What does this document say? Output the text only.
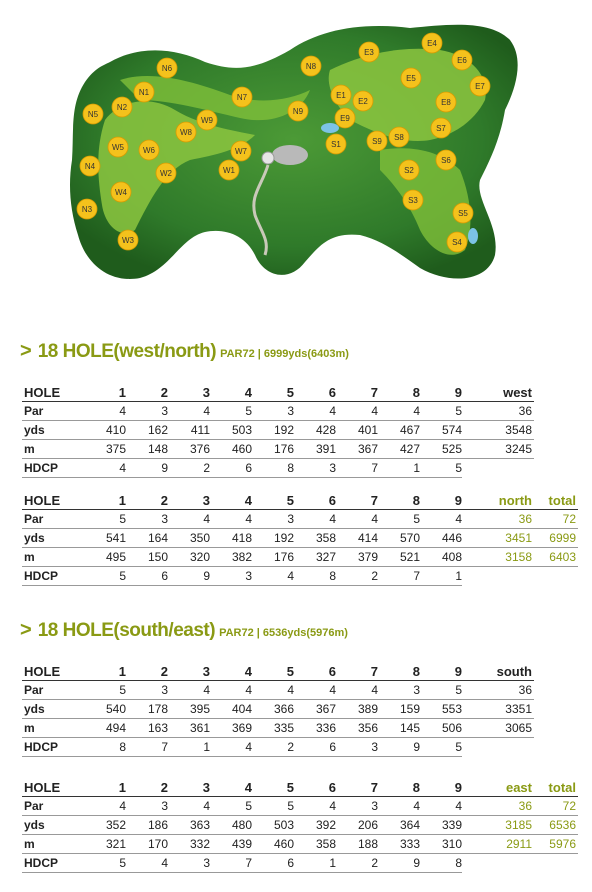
N6
N1
N2
N5
W5 W6
N4
W2
W4
N3
W3
W8
W9
N7
W7
W1
N8
N9
E3
E1
E2
E9
S1	S9 S8
E4
E6
E5
E7
E8
S7
S6
S2
S3
S5
S4
> 18 HOLE(west/north) PAR72 | 6999yds(6403m)
HOLE	1	2	3	4	5	6	7	8	9	west
Par	4	3	4	5	3	4	4	4	5	36
yds	410	162	411	503	192	428	401	467	574	3548
m	375	148	376	460	176	391	367	427	525	3245
HDCP	4	9	2	6	8	3	7	1	5	
HOLE	1	2	3	4	5	6	7	8	9	north	total
Par	5	3	4	4	3	4	4	5	4	36	72
yds	541	164	350	418	192	358	414	570	446	3451	6999
m	495	150	320	382	176	327	379	521	408	3158	6403
HDCP	5	6	9	3	4	8	2	7	1		
> 18 HOLE(south/east) PAR72 | 6536yds(5976m)
HOLE	1	2	3	4	5	6	7	8	9	south
Par	5	3	4	4	4	4	4	3	5	36
yds	540	178	395	404	366	367	389	159	553	3351
m	494	163	361	369	335	336	356	145	506	3065
HDCP	8	7	1	4	2	6	3	9	5	
HOLE	1	2	3	4	5	6	7	8	9	east	total
Par	4	3	4	5	5	4	3	4	4	36	72
yds	352	186	363	480	503	392	206	364	339	3185	6536
m	321	170	332	439	460	358	188	333	310	2911	5976
HDCP	5	4	3	7	6	1	2	9	8		
